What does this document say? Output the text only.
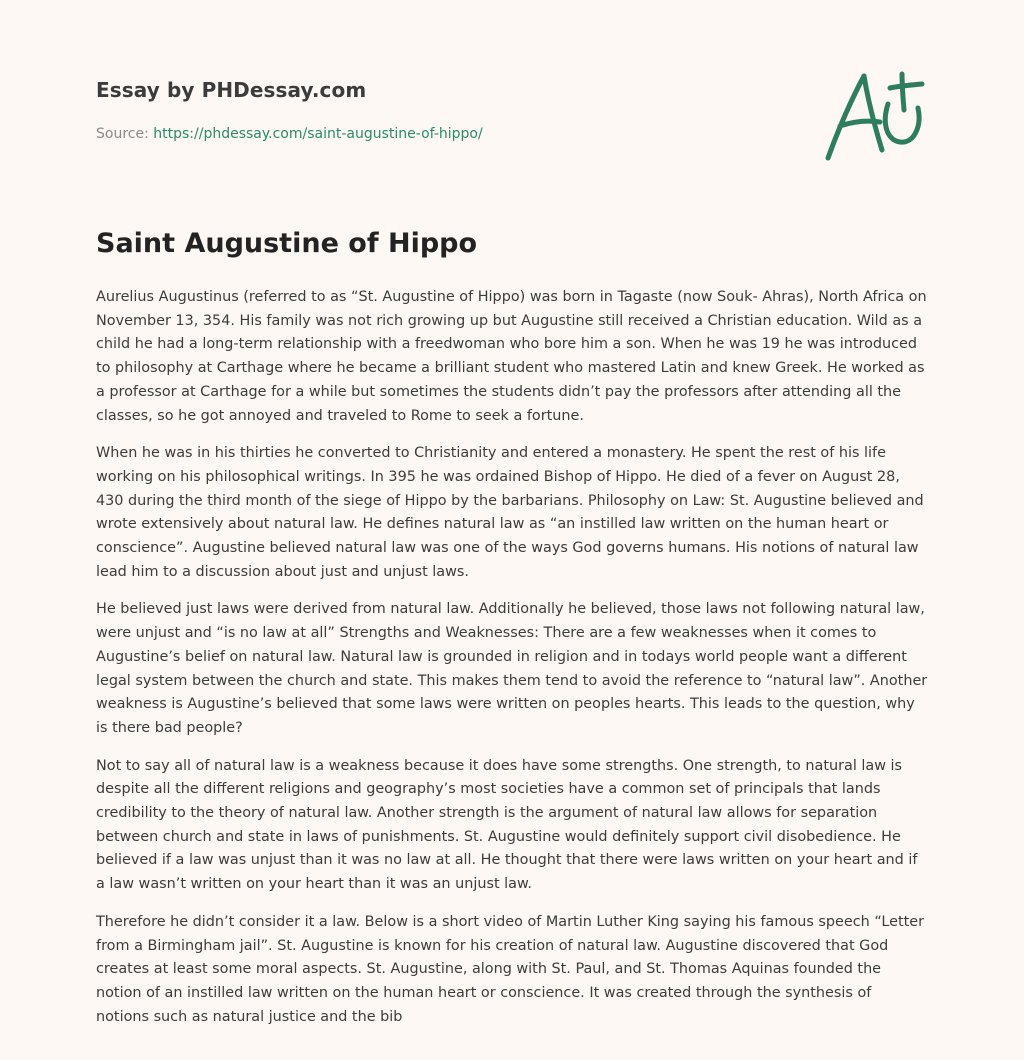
Essay by PHDessay.com
Source: https://phdessay.com/saint-augustine-of-hippo/
Saint Augustine of Hippo

Aurelius Augustinus (referred to as “St. Augustine of Hippo) was born in Tagaste (now Souk- Ahras), North Africa on November 13, 354. His family was not rich growing up but Augustine still received a Christian education. Wild as a child he had a long-term relationship with a freedwoman who bore him a son. When he was 19 he was introduced to philosophy at Carthage where he became a brilliant student who mastered Latin and knew Greek. He worked as a professor at Carthage for a while but sometimes the students didn’t pay the professors after attending all the classes, so he got annoyed and traveled to Rome to seek a fortune.

When he was in his thirties he converted to Christianity and entered a monastery. He spent the rest of his life working on his philosophical writings. In 395 he was ordained Bishop of Hippo. He died of a fever on August 28, 430 during the third month of the siege of Hippo by the barbarians. Philosophy on Law: St. Augustine believed and wrote extensively about natural law. He defines natural law as “an instilled law written on the human heart or conscience”. Augustine believed natural law was one of the ways God governs humans. His notions of natural law lead him to a discussion about just and unjust laws.

He believed just laws were derived from natural law. Additionally he believed, those laws not following natural law, were unjust and “is no law at all” Strengths and Weaknesses: There are a few weaknesses when it comes to Augustine’s belief on natural law. Natural law is grounded in religion and in todays world people want a different legal system between the church and state. This makes them tend to avoid the reference to “natural law”. Another weakness is Augustine’s believed that some laws were written on peoples hearts. This leads to the question, why is there bad people?

Not to say all of natural law is a weakness because it does have some strengths. One strength, to natural law is despite all the different religions and geography’s most societies have a common set of principals that lands credibility to the theory of natural law. Another strength is the argument of natural law allows for separation between church and state in laws of punishments. St. Augustine would definitely support civil disobedience. He believed if a law was unjust than it was no law at all. He thought that there were laws written on your heart and if a law wasn’t written on your heart than it was an unjust law.

Therefore he didn’t consider it a law. Below is a short video of Martin Luther King saying his famous speech “Letter from a Birmingham jail”. St. Augustine is known for his creation of natural law. Augustine discovered that God creates at least some moral aspects. St. Augustine, along with St. Paul, and St. Thomas Aquinas founded the notion of an instilled law written on the human heart or conscience. It was created through the synthesis of notions such as natural justice and the bib
